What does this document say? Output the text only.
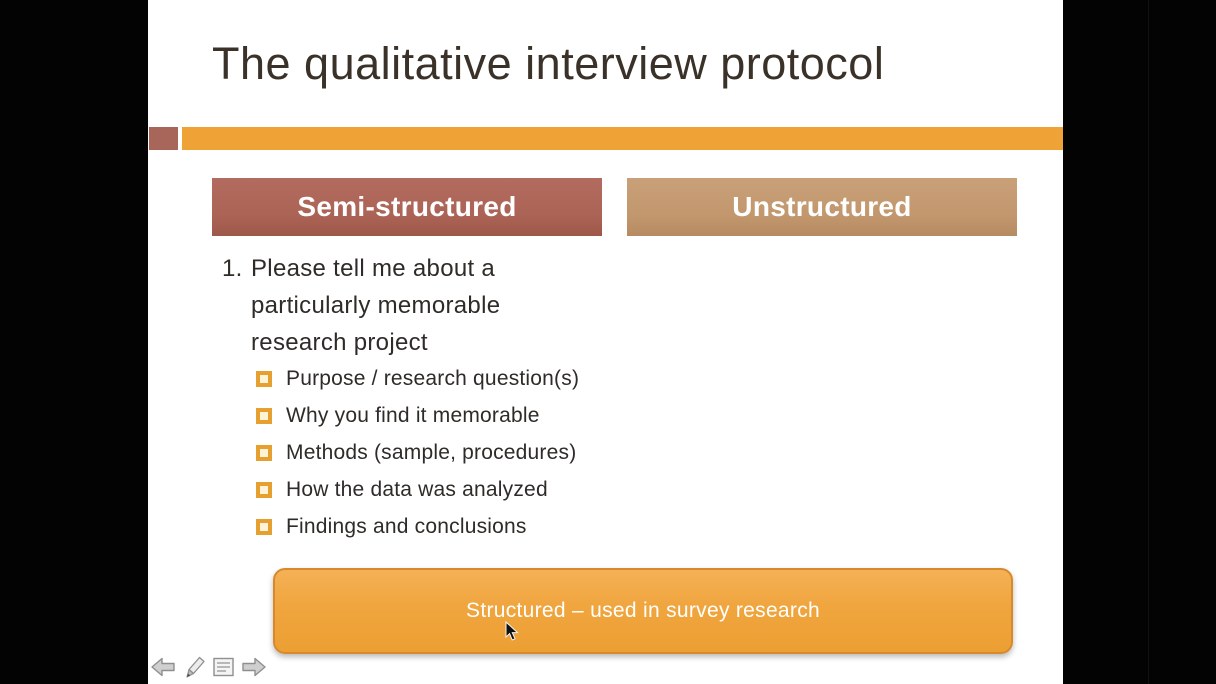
The qualitative interview protocol
Semi-structured	Unstructured
1. Please tell me about a
particularly memorable
research project
Purpose / research question(s)
Why you find it memorable
Methods (sample, procedures)
How the data was analyzed
Findings and conclusions
Structured – used in survey research
